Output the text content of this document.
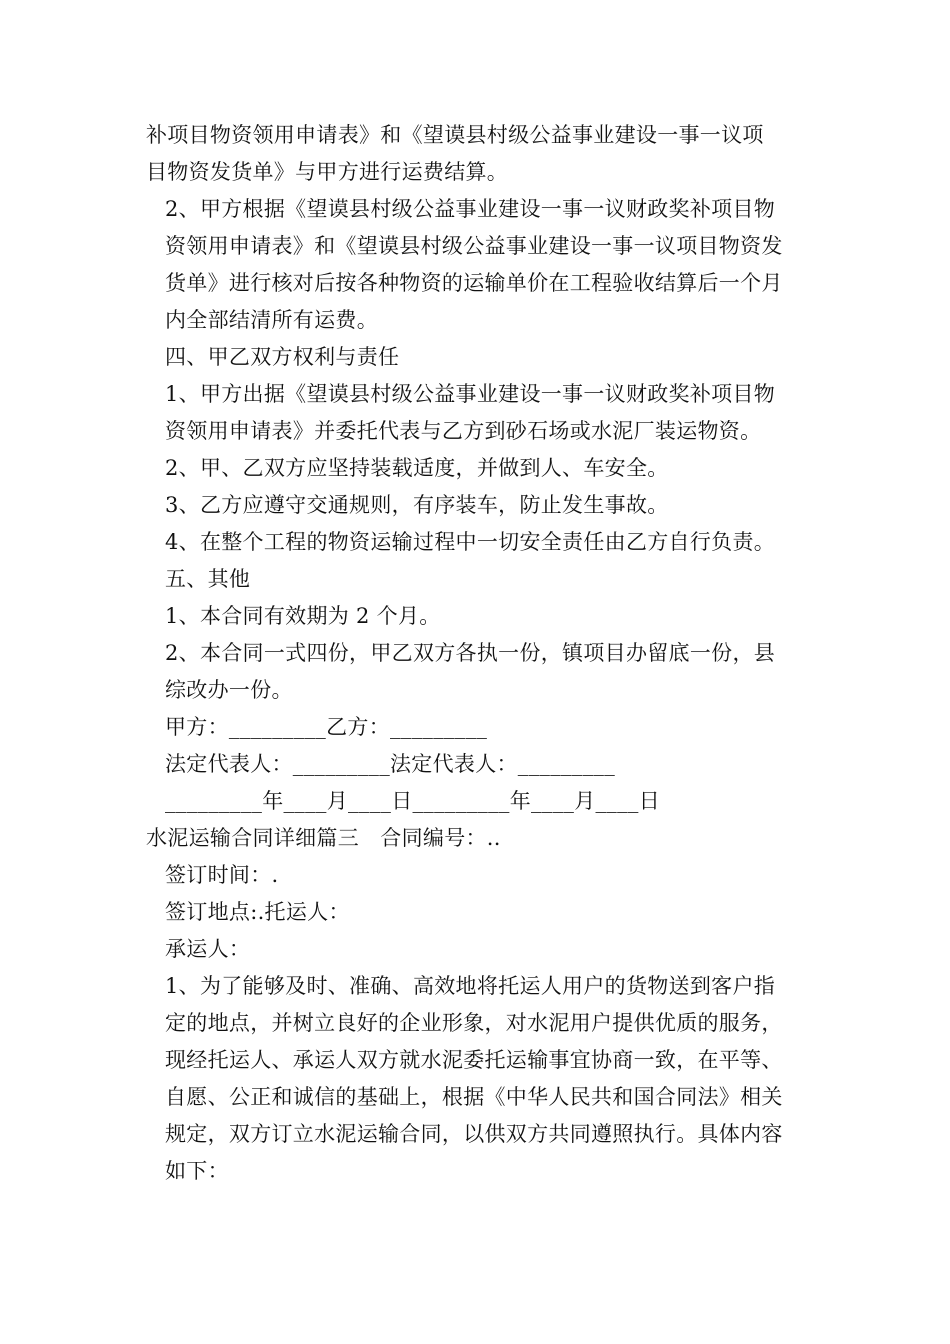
补项目物资领用申请表》和《望谟县村级公益事业建设一事一议项
目物资发货单》与甲方进行运费结算。

2、甲方根据《望谟县村级公益事业建设一事一议财政奖补项目物
资领用申请表》和《望谟县村级公益事业建设一事一议项目物资发
货单》进行核对后按各种物资的运输单价在工程验收结算后一个月
内全部结清所有运费。

四、甲乙双方权利与责任

1、甲方出据《望谟县村级公益事业建设一事一议财政奖补项目物
资领用申请表》并委托代表与乙方到砂石场或水泥厂装运物资。

2、甲、乙双方应坚持装载适度，并做到人、车安全。

3、乙方应遵守交通规则，有序装车，防止发生事故。

4、在整个工程的物资运输过程中一切安全责任由乙方自行负责。

五、其他

1、本合同有效期为 2 个月。

2、本合同一式四份，甲乙双方各执一份，镇项目办留底一份，县
综改办一份。

甲方：_________乙方：_________

法定代表人：_________法定代表人：_________

_________年____月____日_________年____月____日

水泥运输合同详细篇三　合同编号：..

签订时间：.

签订地点:.托运人：

承运人：

1、为了能够及时、准确、高效地将托运人用户的货物送到客户指
定的地点，并树立良好的企业形象，对水泥用户提供优质的服务，
现经托运人、承运人双方就水泥委托运输事宜协商一致，在平等、
自愿、公正和诚信的基础上，根据《中华人民共和国合同法》相关
规定，双方订立水泥运输合同，以供双方共同遵照执行。具体内容
如下：
